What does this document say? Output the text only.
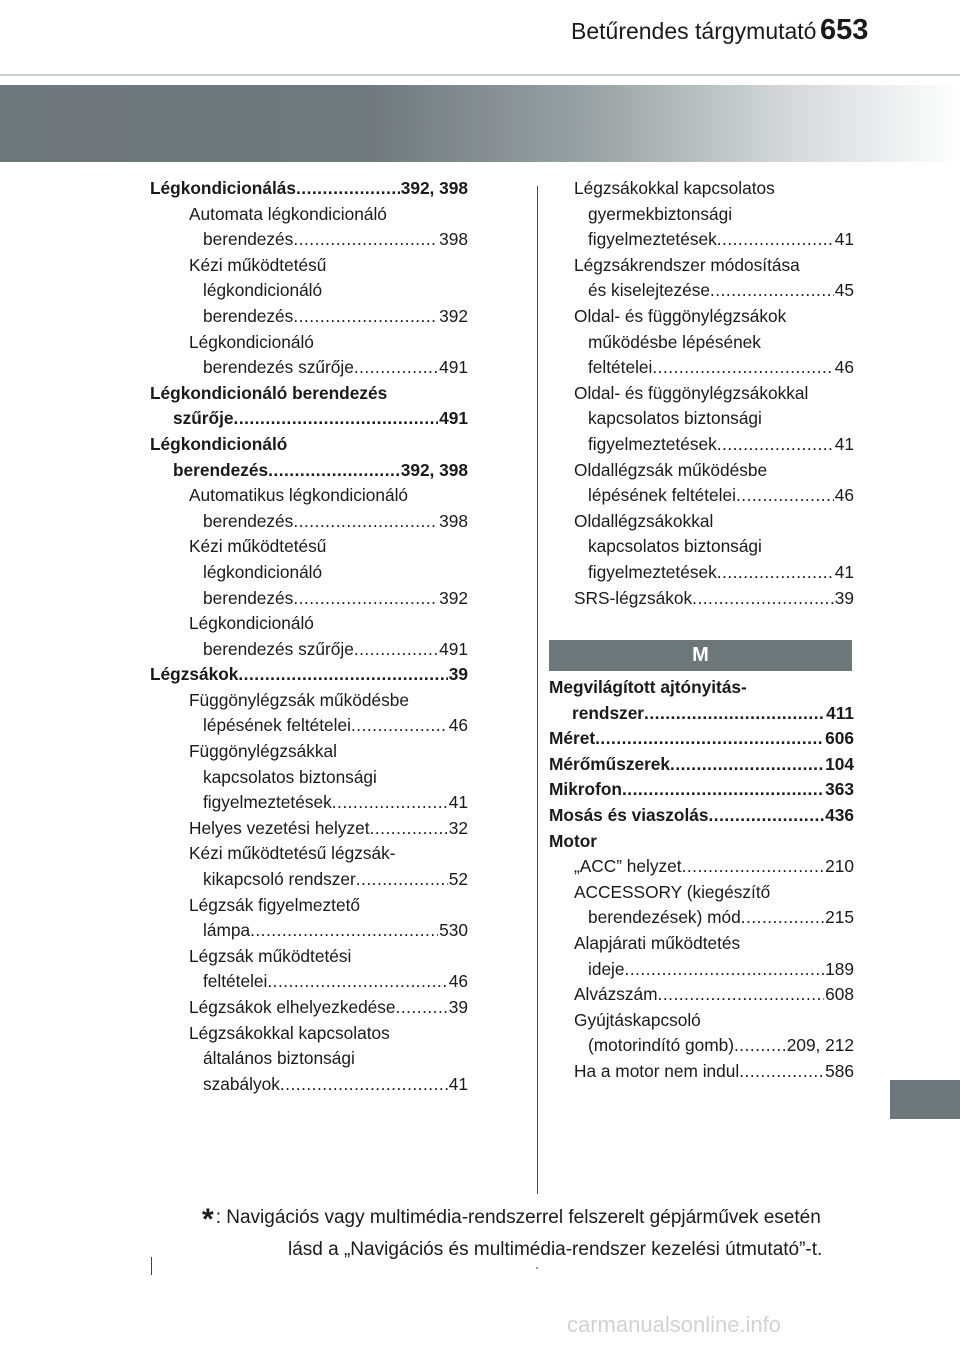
Betűrendes tárgymutató 653
Légkondicionálás .....	392, 398
Automata légkondicionáló
berendezés .....	398
Kézi működtetésű
légkondicionáló
berendezés .....	392
Légkondicionáló
berendezés szűrője .....	491
Légkondicionáló berendezés
szűrője .....	491
Légkondicionáló
berendezés .....	392, 398
Automatikus légkondicionáló
berendezés .....	398
Kézi működtetésű
légkondicionáló
berendezés .....	392
Légkondicionáló
berendezés szűrője .....	491
Légzsákok .....	39
Függönylégzsák működésbe
lépésének feltételei .....	46
Függönylégzsákkal
kapcsolatos biztonsági
figyelmeztetések .....	41
Helyes vezetési helyzet .....	32
Kézi működtetésű légzsák-
kikapcsoló rendszer .....	52
Légzsák figyelmeztető
lámpa .....	530
Légzsák működtetési
feltételei .....	46
Légzsákok elhelyezkedése .....	39
Légzsákokkal kapcsolatos
általános biztonsági
szabályok .....	41
Légzsákokkal kapcsolatos
gyermekbiztonsági
figyelmeztetések .....	41
Légzsákrendszer módosítása
és kiselejtezése .....	45
Oldal- és függönylégzsákok
működésbe lépésének
feltételei .....	46
Oldal- és függönylégzsákokkal
kapcsolatos biztonsági
figyelmeztetések .....	41
Oldallégzsák működésbe
lépésének feltételei .....	46
Oldallégzsákokkal
kapcsolatos biztonsági
figyelmeztetések .....	41
SRS-légzsákok .....	39
M
Megvilágított ajtónyitás-
rendszer .....	411
Méret .....	606
Mérőműszerek .....	104
Mikrofon .....	363
Mosás és viaszolás .....	436
Motor
„ACC” helyzet .....	210
ACCESSORY (kiegészítő
berendezések) mód .....	215
Alapjárati működtetés
ideje .....	189
Alvázszám .....	608
Gyújtáskapcsoló
(motorindító gomb) .....	209, 212
Ha a motor nem indul .....	586
* : Navigációs vagy multimédia-rendszerrel felszerelt gépjárművek esetén
lásd a „Navigációs és multimédia-rendszer kezelési útmutató”-t.
carmanualsonline.info
